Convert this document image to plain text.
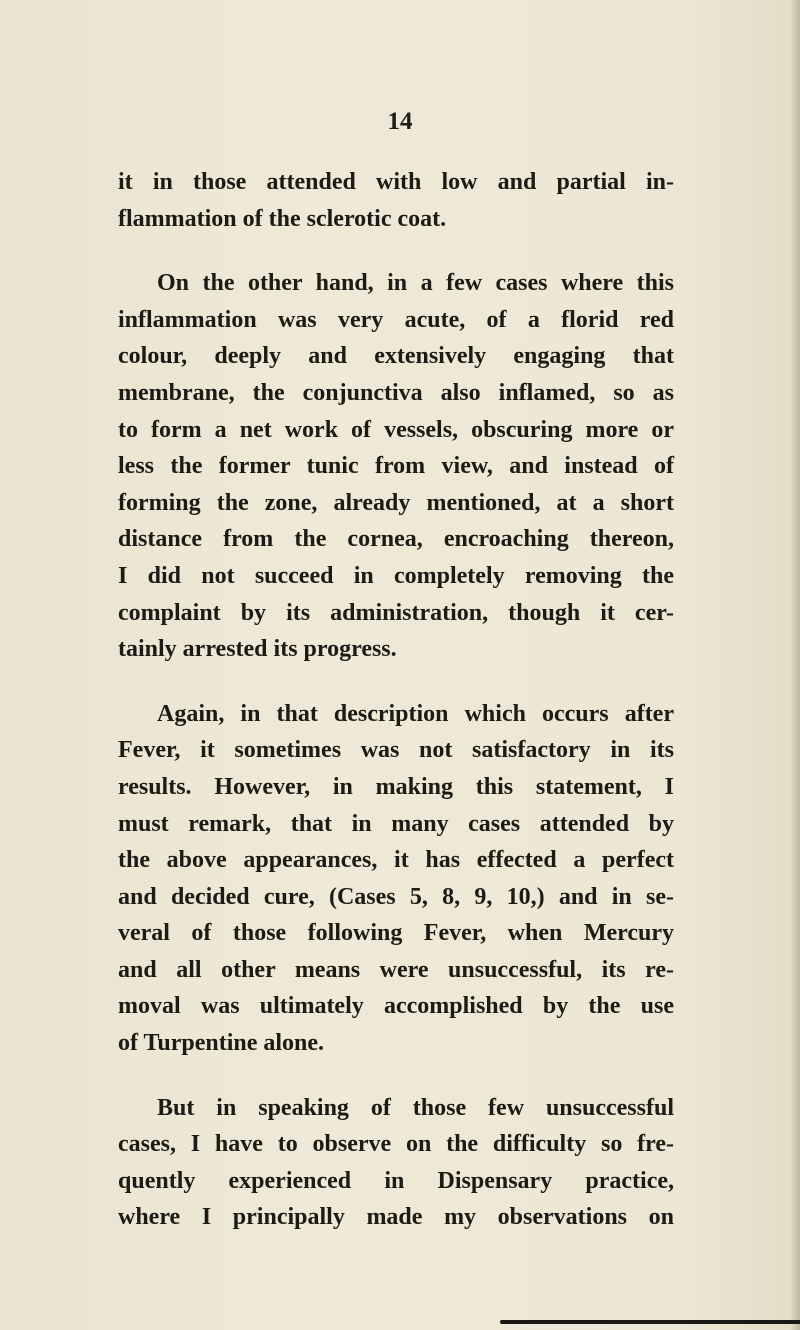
14
it in those attended with low and partial in-
flammation of the sclerotic coat.
On the other hand, in a few cases where this
inflammation was very acute, of a florid red
colour, deeply and extensively engaging that
membrane, the conjunctiva also inflamed, so as
to form a net work of vessels, obscuring more or
less the former tunic from view, and instead of
forming the zone, already mentioned, at a short
distance from the cornea, encroaching thereon,
I did not succeed in completely removing the
complaint by its administration, though it cer-
tainly arrested its progress.
Again, in that description which occurs after
Fever, it sometimes was not satisfactory in its
results. However, in making this statement, I
must remark, that in many cases attended by
the above appearances, it has effected a perfect
and decided cure, (Cases 5, 8, 9, 10,) and in se-
veral of those following Fever, when Mercury
and all other means were unsuccessful, its re-
moval was ultimately accomplished by the use
of Turpentine alone.
But in speaking of those few unsuccessful
cases, I have to observe on the difficulty so fre-
quently experienced in Dispensary practice,
where I principally made my observations on
